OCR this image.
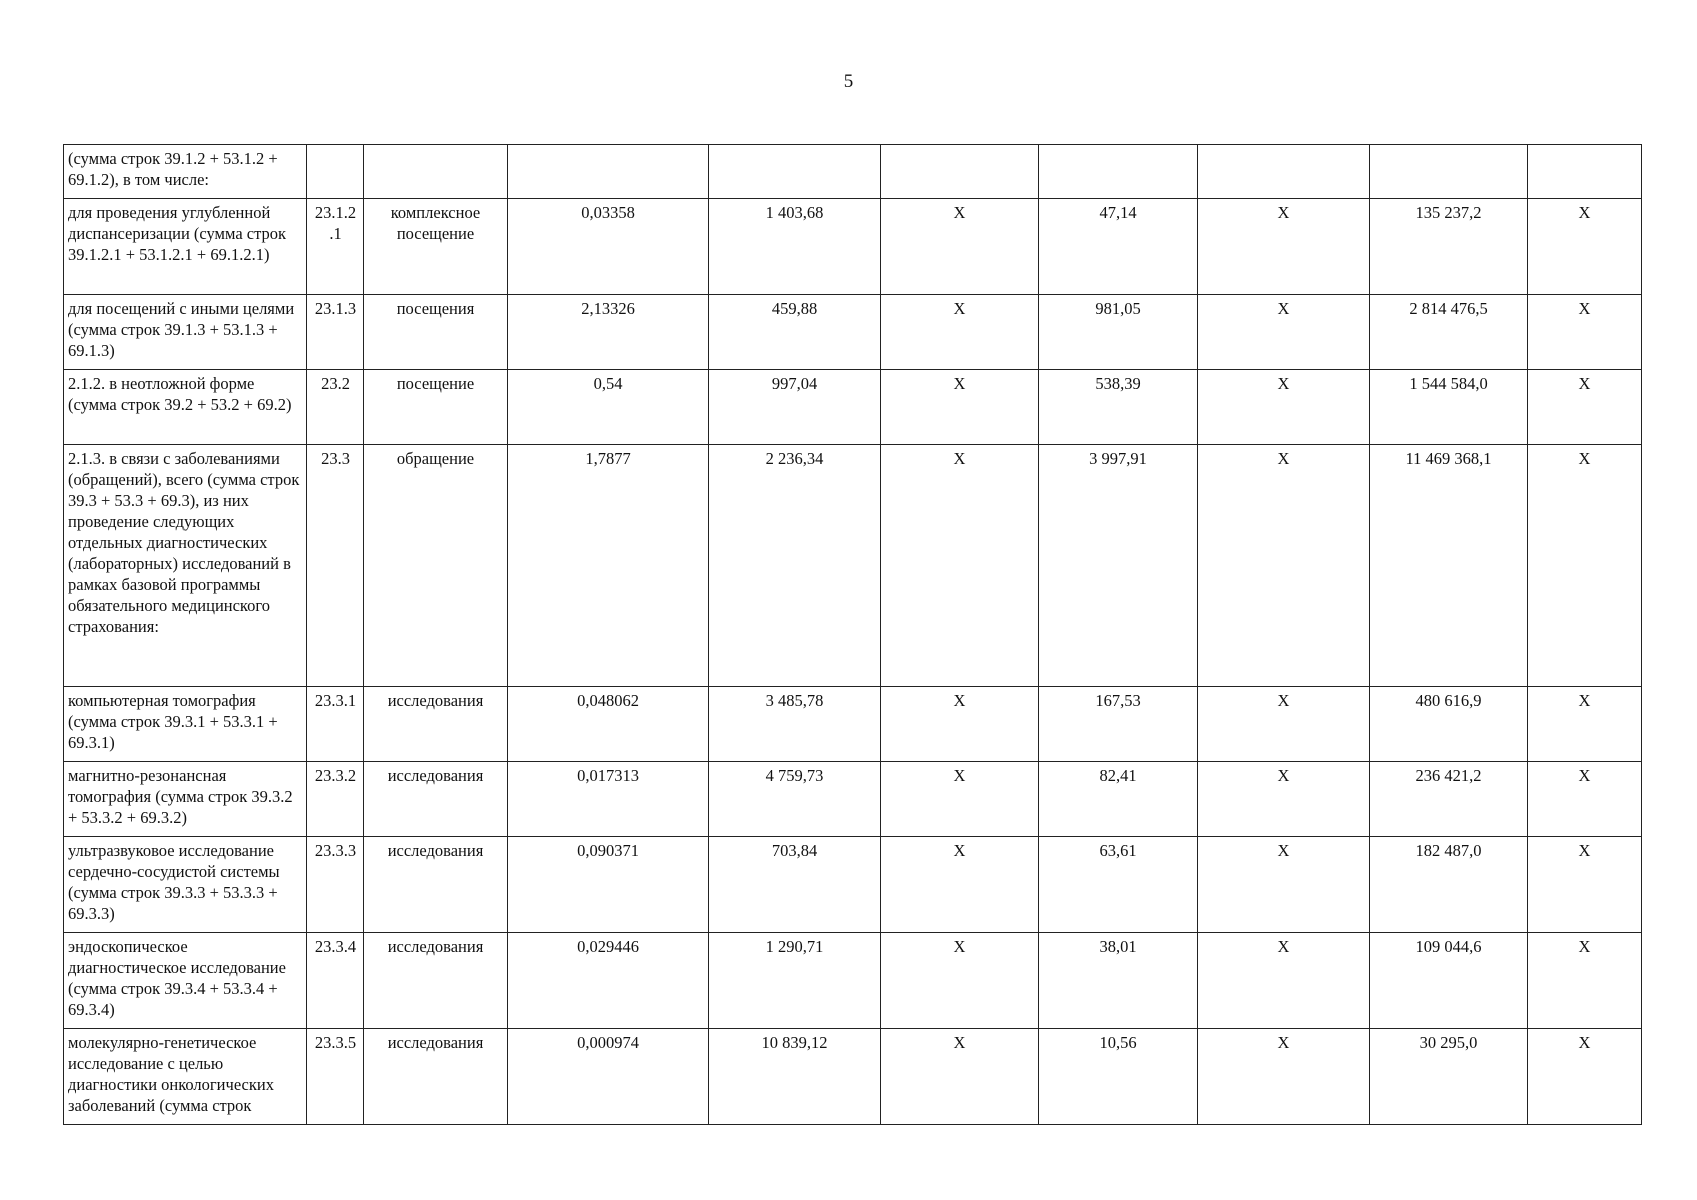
5
(сумма строк 39.1.2 + 53.1.2 + 69.1.2), в том числе:									
для проведения углубленной диспансеризации (сумма строк 39.1.2.1 + 53.1.2.1 + 69.1.2.1)	23.1.2 .1	комплексное посещение	0,03358	1 403,68	X	47,14	X	135 237,2	X
для посещений с иными целями (сумма строк 39.1.3 + 53.1.3 + 69.1.3)	23.1.3	посещения	2,13326	459,88	X	981,05	X	2 814 476,5	X
2.1.2. в неотложной форме (сумма строк 39.2 + 53.2 + 69.2)	23.2	посещение	0,54	997,04	X	538,39	X	1 544 584,0	X
2.1.3. в связи с заболеваниями (обращений), всего (сумма строк 39.3 + 53.3 + 69.3), из них проведение следующих отдельных диагностических (лабораторных) исследований в рамках базовой программы обязательного медицинского страхования:	23.3	обращение	1,7877	2 236,34	X	3 997,91	X	11 469 368,1	X
компьютерная томография (сумма строк 39.3.1 + 53.3.1 + 69.3.1)	23.3.1	исследования	0,048062	3 485,78	X	167,53	X	480 616,9	X
магнитно-резонансная томография (сумма строк 39.3.2 + 53.3.2 + 69.3.2)	23.3.2	исследования	0,017313	4 759,73	X	82,41	X	236 421,2	X
ультразвуковое исследование сердечно-сосудистой системы (сумма строк 39.3.3 + 53.3.3 + 69.3.3)	23.3.3	исследования	0,090371	703,84	X	63,61	X	182 487,0	X
эндоскопическое диагностическое исследование (сумма строк 39.3.4 + 53.3.4 + 69.3.4)	23.3.4	исследования	0,029446	1 290,71	X	38,01	X	109 044,6	X
молекулярно-генетическое исследование с целью диагностики онкологических заболеваний (сумма строк	23.3.5	исследования	0,000974	10 839,12	X	10,56	X	30 295,0	X
